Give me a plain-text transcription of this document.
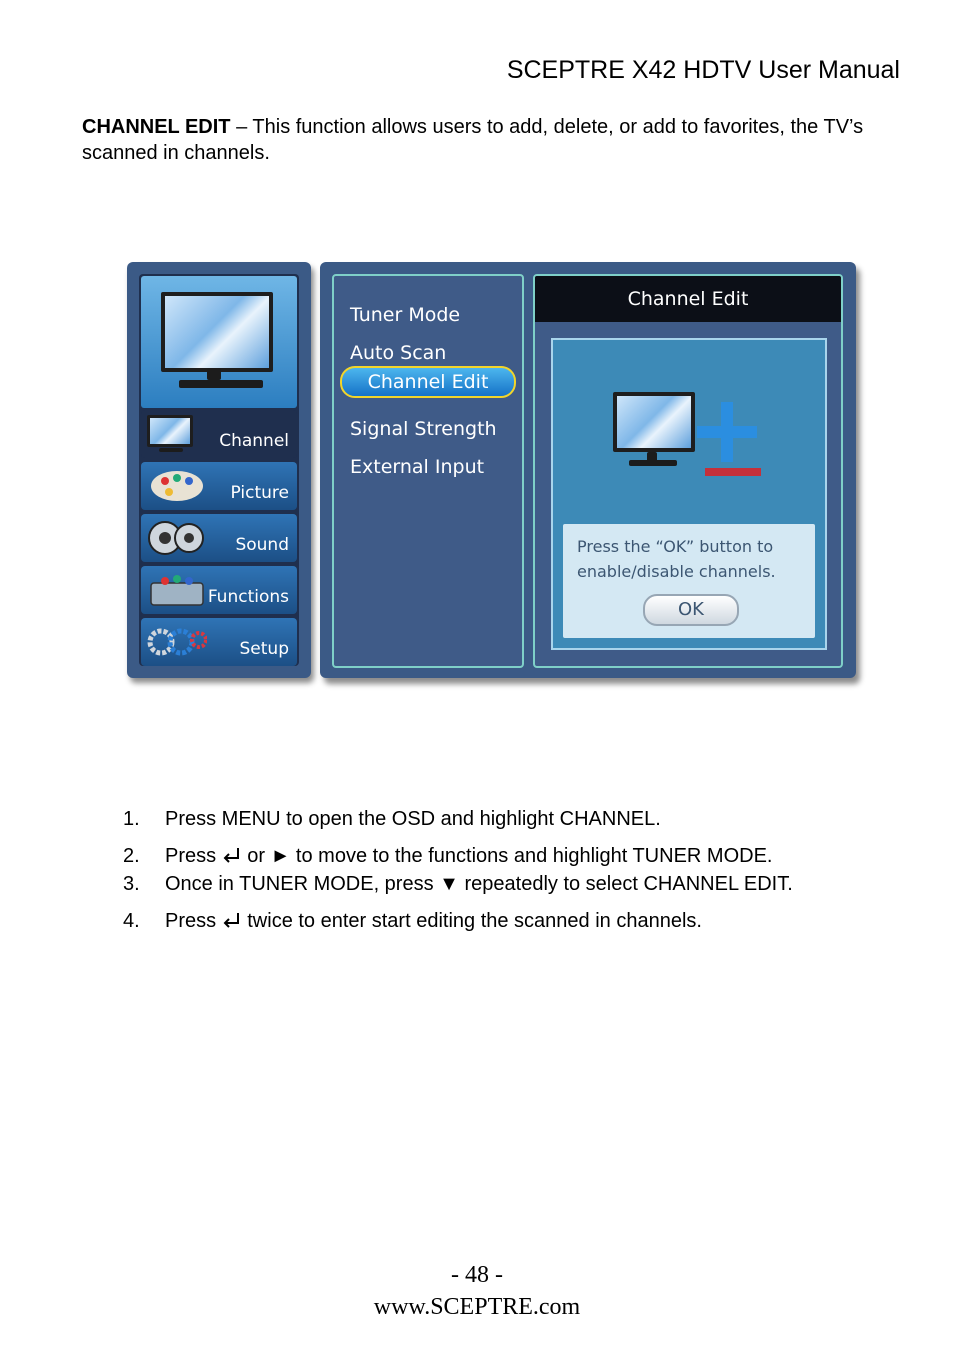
SCEPTRE X42 HDTV User Manual
CHANNEL EDIT – This function allows users to add, delete, or add to favorites, the TV’s scanned in channels.
Channel
Picture
Sound
Functions
Setup
Tuner Mode
Auto Scan
Channel Edit
Signal Strength
External Input
Channel Edit
Press the “OK” button to enable/disable channels.
OK
1. Press MENU to open the OSD and highlight CHANNEL.
2. Press  or ► to move to the functions and highlight TUNER MODE.
3. Once in TUNER MODE, press ▼ repeatedly to select CHANNEL EDIT.
4. Press  twice to enter start editing the scanned in channels.
- 48 -
www.SCEPTRE.com
